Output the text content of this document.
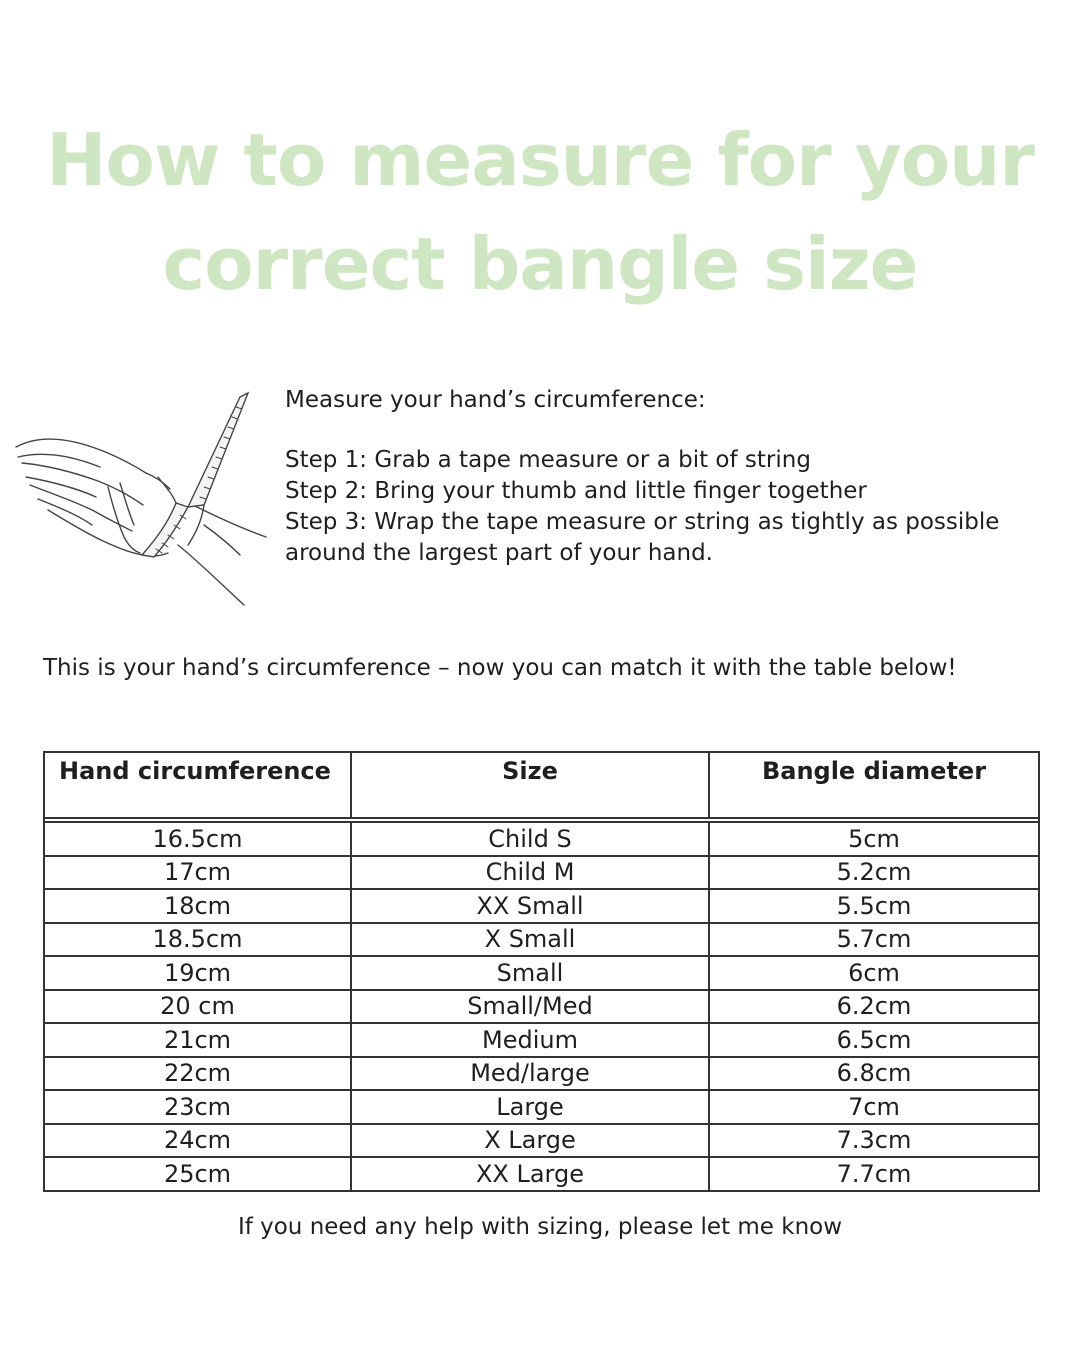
How to measure for your
correct bangle size
Measure your hand’s circumference:
Step 1: Grab a tape measure or a bit of string
Step 2: Bring your thumb and little finger together
Step 3: Wrap the tape measure or string as tightly as possible
around the largest part of your hand.
This is your hand’s circumference – now you can match it with the table below!
Hand circumference	Size	Bangle diameter

16.5cm	Child S	5cm
17cm	Child M	5.2cm
18cm	XX Small	5.5cm
18.5cm	X Small	5.7cm
19cm	Small	6cm
20 cm	Small/Med	6.2cm
21cm	Medium	6.5cm
22cm	Med/large	6.8cm
23cm	Large	7cm
24cm	X Large	7.3cm
25cm	XX Large	7.7cm
If you need any help with sizing, please let me know
